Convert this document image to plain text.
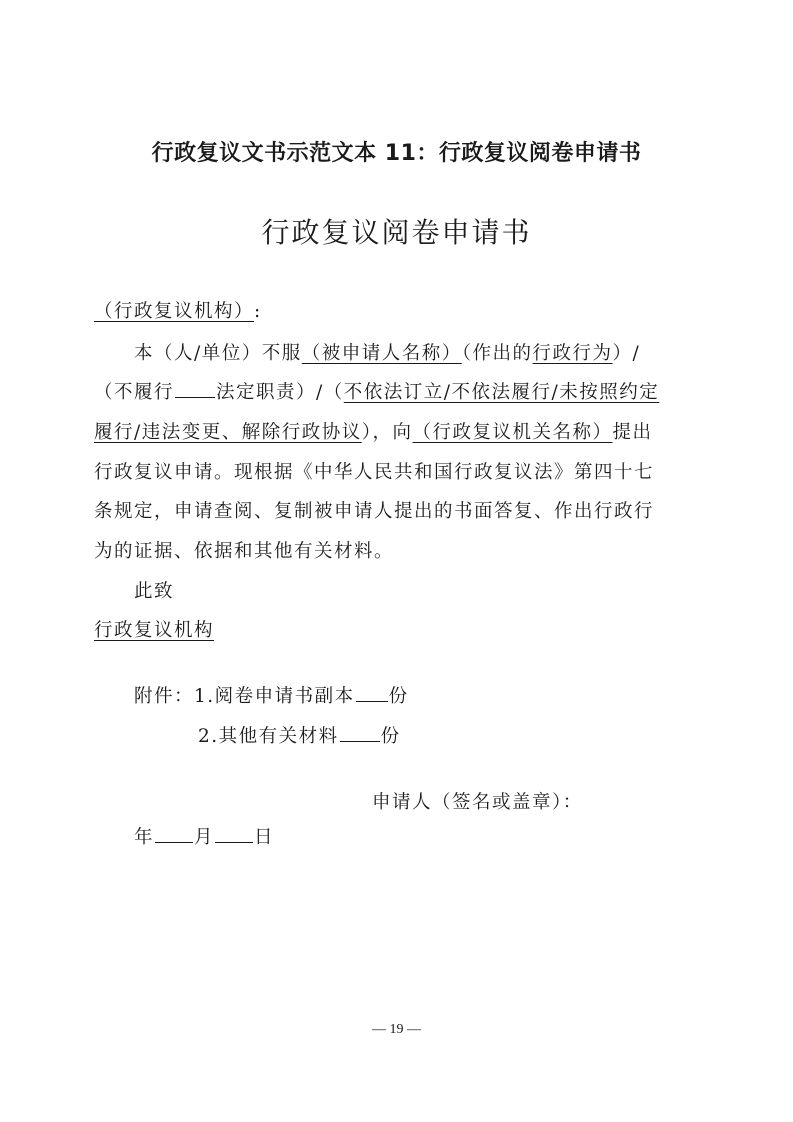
行政复议文书示范文本 11：行政复议阅卷申请书
行政复议阅卷申请书
（行政复议机构）:
本（人/单位）不服（被申请人名称）（作出的行政行为）/
（不履行 法定职责）/（不依法订立/不依法履行/未按照约定
履行/违法变更、解除行政协议），向（行政复议机关名称）提出
行政复议申请。现根据《中华人民共和国行政复议法》第四十七
条规定，申请查阅、复制被申请人提出的书面答复、作出行政行
为的证据、依据和其他有关材料。
此致
行政复议机构
附件：1.阅卷申请书副本 份
2.其他有关材料 份
申请人（签名或盖章）：
年 月 日
— 19 —
